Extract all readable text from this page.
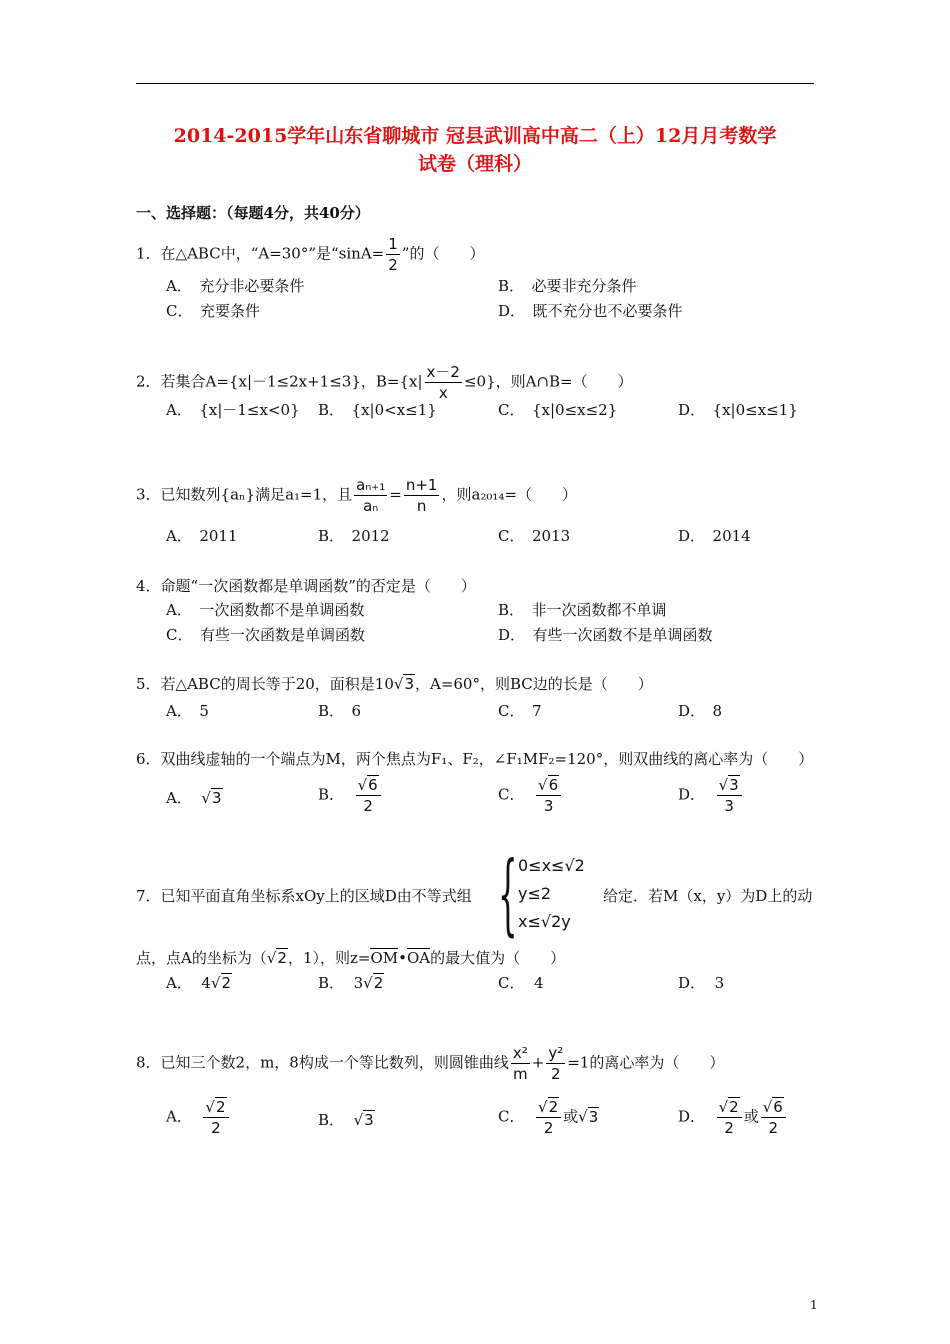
2014-2015学年山东省聊城市 冠县武训高中高二（上）12月月考数学
试卷（理科）
一、选择题：（每题4分，共40分）
1．在△ABC中，“A=30°”是“$\sin A= \frac{1}{2}$ ”的（　　）
A．　充分非必要条件	B．　必要非充分条件
C．　充要条件	D．　既不充分也不必要条件
2．若集合A={x|－1≤2x+1≤3}，$B=\{x| \frac{x-2}{x} \le 0\}$，则A∩B=（　　）
A．　{x|－1≤x<0} B．　{x|0<x≤1}	C．　{x|0≤x≤2}	D．　{x|0≤x≤1}
3．已知数列{aₙ}满足a₁=1，且 $\frac{\text{aₙ₊₁}}{\text{aₙ}} = \frac{n+1}{n}$ ，则a₂₀₁₄=（　　）
A．　2011	B．　2012	C．　2013	D．　2014
4．命题“一次函数都是单调函数”的否定是（　　）
A．　一次函数都不是单调函数	B．　非一次函数都不单调
C．　有些一次函数是单调函数	D．　有些一次函数不是单调函数
5．若△ABC的周长等于20，面积是10√3，A=60°，则BC边的长是（　　）
A．　5	B．　6	C．　7	D．　8
6．双曲线虚轴的一个端点为M，两个焦点为F₁、F₂，∠F₁MF₂=120°，则双曲线的离心率为（　　）
A． √3	B． $\frac{√6}{2}$	C． $\frac{√6}{3}$	D． $\frac{√3}{3}$
{ 0≤x≤√2
y≤2
x≤√2y
7．已知平面直角坐标系xOy上的区域D由不等式组	给定．若M（x，y）为D上的动
点，点A的坐标为（√2，1），则z=OM•OA的最大值为（　　）
A． 4√2	B． 3√2	C． 4	D． 3
8．已知三个数2，m，8构成一个等比数列，则圆锥曲线 $\frac{\text{x²}}{m} + \frac{\text{y²}}{2} =1$的离心率为（　　）
A． $\frac{√2}{2}$	B． √3	C． $\frac{√2}{2}$ 或√3	D． $\frac{√2}{2}$ 或 $\frac{√6}{2}$
1
